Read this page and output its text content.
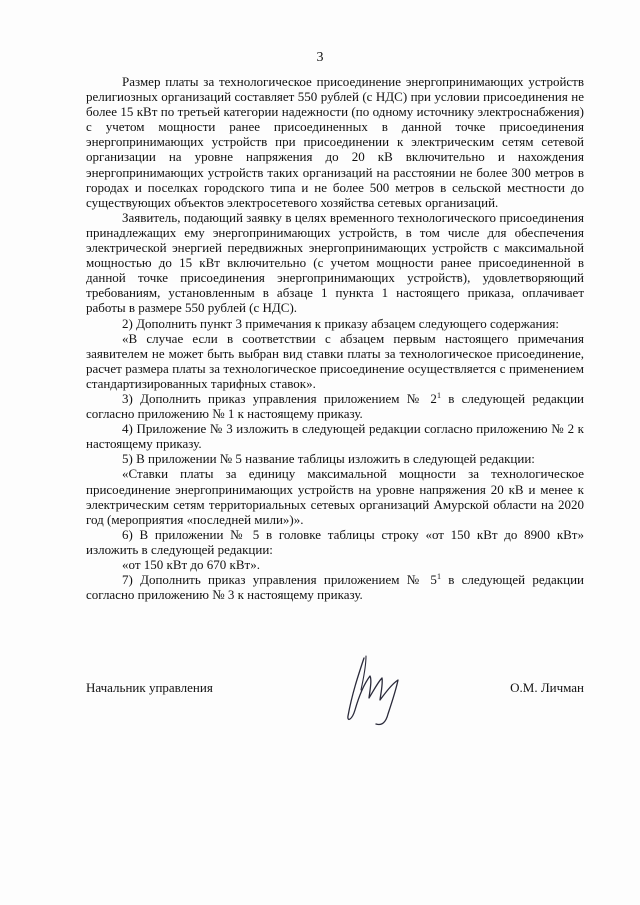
3

Размер платы за технологическое присоединение энергопринимающих устройств религиозных организаций составляет 550 рублей (с НДС) при условии присоединения не более 15 кВт по третьей категории надежности (по одному источнику электроснабжения) с учетом мощности ранее присоединенных в данной точке присоединения энергопринимающих устройств при присоединении к электрическим сетям сетевой организации на уровне напряжения до 20 кВ включительно и нахождения энергопринимающих устройств таких организаций на расстоянии не более 300 метров в городах и поселках городского типа и не более 500 метров в сельской местности до существующих объектов электросетевого хозяйства сетевых организаций.

Заявитель, подающий заявку в целях временного технологического присоединения принадлежащих ему энергопринимающих устройств, в том числе для обеспечения электрической энергией передвижных энергопринимающих устройств с максимальной мощностью до 15 кВт включительно (с учетом мощности ранее присоединенной в данной точке присоединения энергопринимающих устройств), удовлетворяющий требованиям, установленным в абзаце 1 пункта 1 настоящего приказа, оплачивает работы в размере 550 рублей (с НДС).

2) Дополнить пункт 3 примечания к приказу абзацем следующего содержания:

«В случае если в соответствии с абзацем первым настоящего примечания заявителем не может быть выбран вид ставки платы за технологическое присоединение, расчет размера платы за технологическое присоединение осуществляется с применением стандартизированных тарифных ставок».

3) Дополнить приказ управления приложением № $2^1$ в следующей редакции согласно приложению № 1 к настоящему приказу.

4) Приложение № 3 изложить в следующей редакции согласно приложению № 2 к настоящему приказу.

5) В приложении № 5 название таблицы изложить в следующей редакции:

«Ставки платы за единицу максимальной мощности за технологическое присоединение энергопринимающих устройств на уровне напряжения 20 кВ и менее к электрическим сетям территориальных сетевых организаций Амурской области на 2020 год (мероприятия «последней мили»)».

6) В приложении № 5 в головке таблицы строку «от 150 кВт до 8900 кВт» изложить в следующей редакции:

«от 150 кВт до 670 кВт».

7) Дополнить приказ управления приложением № $5^1$ в следующей редакции согласно приложению № 3 к настоящему приказу.

Начальник управления	О.М. Личман
